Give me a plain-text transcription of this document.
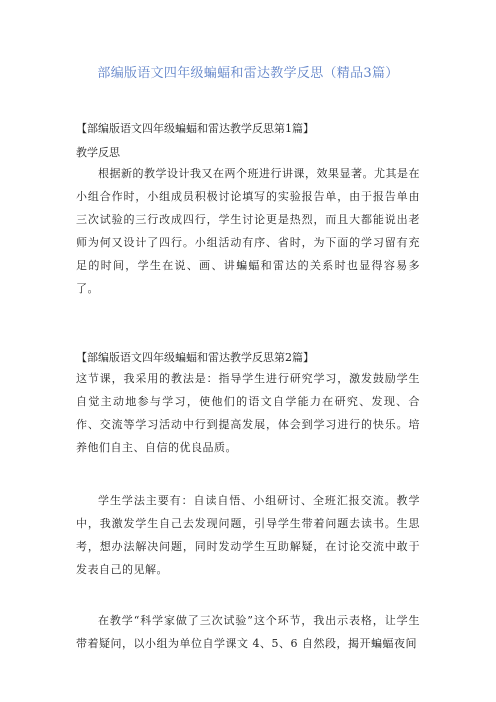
部编版语文四年级蝙蝠和雷达教学反思（精品3篇）
【部编版语文四年级蝙蝠和雷达教学反思第1篇】
教学反思

根据新的教学设计我又在两个班进行讲课，效果显著。尤其是在小组合作时，小组成员积极讨论填写的实验报告单，由于报告单由三次试验的三行改成四行，学生讨论更是热烈，而且大都能说出老师为何又设计了四行。小组活动有序、省时，为下面的学习留有充足的时间，学生在说、画、讲蝙蝠和雷达的关系时也显得容易多了。

【部编版语文四年级蝙蝠和雷达教学反思第2篇】

这节课，我采用的教法是：指导学生进行研究学习，激发鼓励学生自觉主动地参与学习，使他们的语文自学能力在研究、发现、合作、交流等学习活动中行到提高发展，体会到学习进行的快乐。培养他们自主、自信的优良品质。

学生学法主要有：自读自悟、小组研讨、全班汇报交流。教学中，我激发学生自己去发现问题，引导学生带着问题去读书。生思考，想办法解决问题，同时发动学生互助解疑，在讨论交流中敢于发表自己的见解。

在教学“科学家做了三次试验”这个环节，我出示表格，让学生带着疑问，以小组为单位自学课文 4、5、6 自然段，揭开蝙蝠夜间
